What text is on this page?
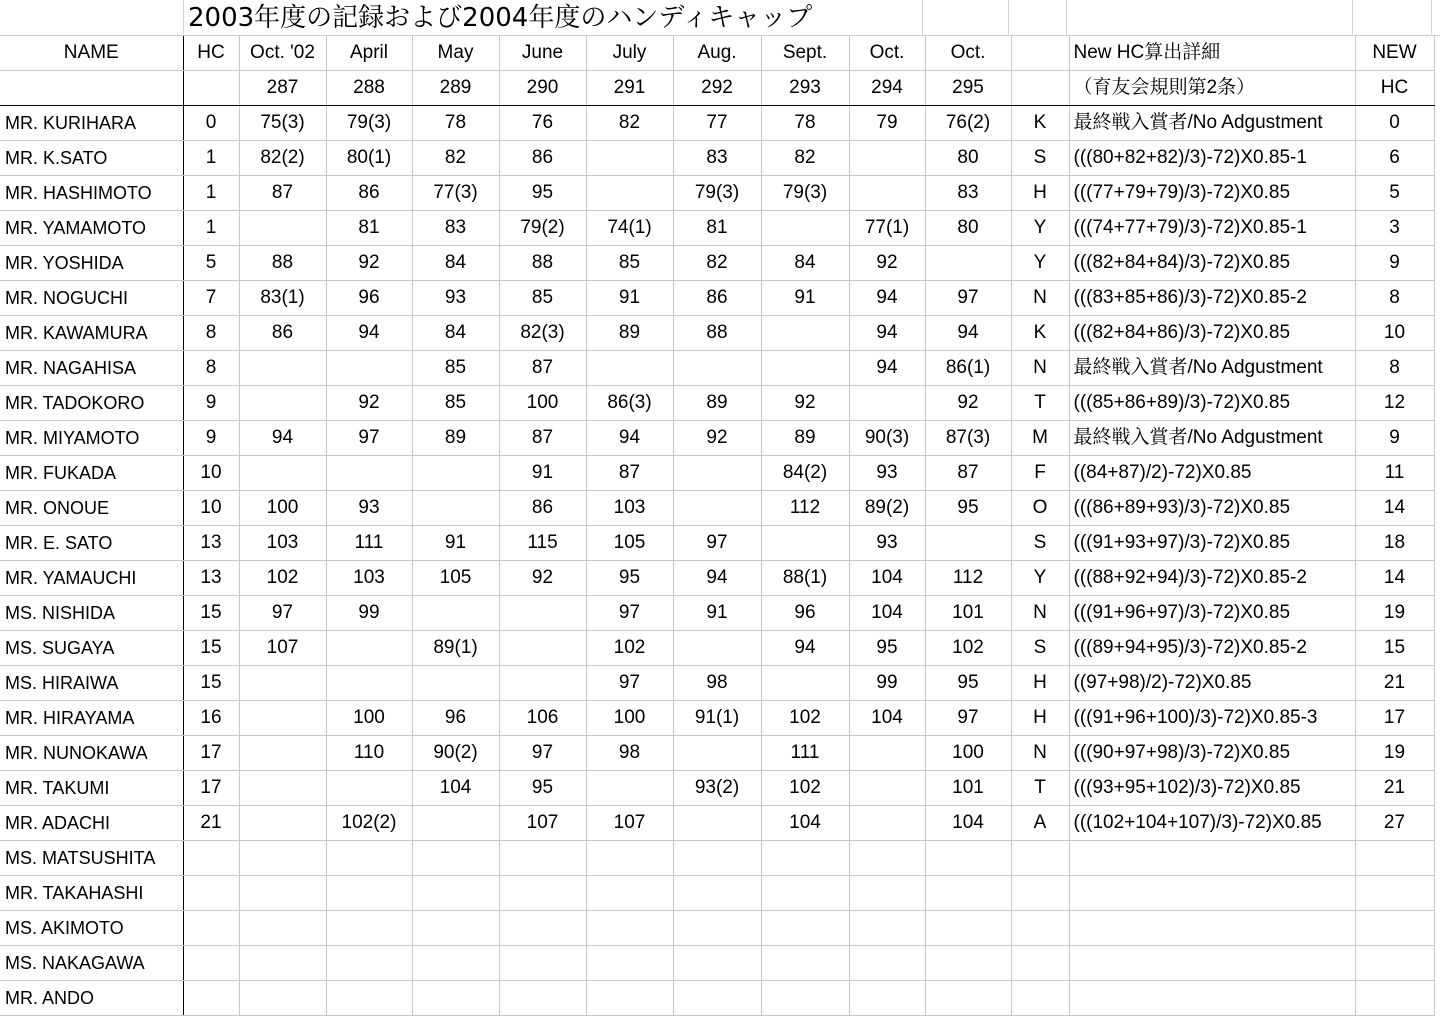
2003年度の記録および2004年度のハンディキャップ
NAME	HC	Oct. '02	April	May	June	July	Aug.	Sept.	Oct.	Oct.		New HC算出詳細	NEW
		287	288	289	290	291	292	293	294	295		（育友会規則第2条）	HC
MR. KURIHARA	0	75(3)	79(3)	78	76	82	77	78	79	76(2)	K	最終戦入賞者/No Adgustment	0
MR. K.SATO	1	82(2)	80(1)	82	86		83	82		80	S	(((80+82+82)/3)-72)X0.85-1	6
MR. HASHIMOTO	1	87	86	77(3)	95		79(3)	79(3)		83	H	(((77+79+79)/3)-72)X0.85	5
MR. YAMAMOTO	1		81	83	79(2)	74(1)	81		77(1)	80	Y	(((74+77+79)/3)-72)X0.85-1	3
MR. YOSHIDA	5	88	92	84	88	85	82	84	92		Y	(((82+84+84)/3)-72)X0.85	9
MR. NOGUCHI	7	83(1)	96	93	85	91	86	91	94	97	N	(((83+85+86)/3)-72)X0.85-2	8
MR. KAWAMURA	8	86	94	84	82(3)	89	88		94	94	K	(((82+84+86)/3)-72)X0.85	10
MR. NAGAHISA	8			85	87				94	86(1)	N	最終戦入賞者/No Adgustment	8
MR. TADOKORO	9		92	85	100	86(3)	89	92		92	T	(((85+86+89)/3)-72)X0.85	12
MR. MIYAMOTO	9	94	97	89	87	94	92	89	90(3)	87(3)	M	最終戦入賞者/No Adgustment	9
MR. FUKADA	10				91	87		84(2)	93	87	F	((84+87)/2)-72)X0.85	11
MR. ONOUE	10	100	93		86	103		112	89(2)	95	O	(((86+89+93)/3)-72)X0.85	14
MR. E. SATO	13	103	111	91	115	105	97		93		S	(((91+93+97)/3)-72)X0.85	18
MR. YAMAUCHI	13	102	103	105	92	95	94	88(1)	104	112	Y	(((88+92+94)/3)-72)X0.85-2	14
MS. NISHIDA	15	97	99			97	91	96	104	101	N	(((91+96+97)/3)-72)X0.85	19
MS. SUGAYA	15	107		89(1)		102		94	95	102	S	(((89+94+95)/3)-72)X0.85-2	15
MS. HIRAIWA	15					97	98		99	95	H	((97+98)/2)-72)X0.85	21
MR. HIRAYAMA	16		100	96	106	100	91(1)	102	104	97	H	(((91+96+100)/3)-72)X0.85-3	17
MR. NUNOKAWA	17		110	90(2)	97	98		111		100	N	(((90+97+98)/3)-72)X0.85	19
MR. TAKUMI	17			104	95		93(2)	102		101	T	(((93+95+102)/3)-72)X0.85	21
MR. ADACHI	21		102(2)		107	107		104		104	A	(((102+104+107)/3)-72)X0.85	27
MS. MATSUSHITA													
MR. TAKAHASHI													
MS. AKIMOTO													
MS. NAKAGAWA													
MR. ANDO													
